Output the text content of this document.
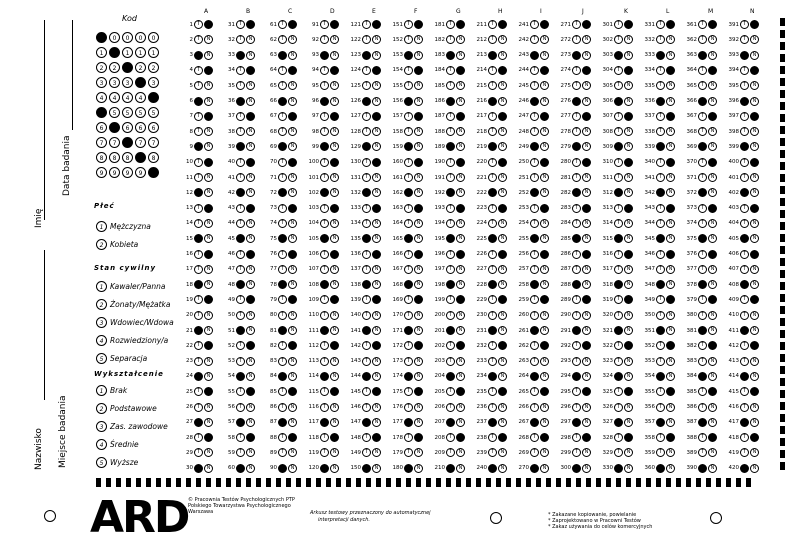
Nazwisko
Imię
Miejsce badania
Data badania
Kod
0	0	0	0	0
1	1	1	1	1
2	2	2	2	2
3	3	3	3	3
4	4	4	4	4
5	5	5	5	5
6	6	6	6	6
7	7	7	7	7
8	8	8	8	8
9	9	9	9	9
Płeć
1 Mężczyzna
2 Kobieta
Stan cywilny
1 Kawaler/Panna
2 Żonaty/Mężatka
3 Wdowiec/Wdowa
4 Rozwiedziony/a
5 Separacja
Wykształcenie
1 Brak
2 Podstawowe
3 Zas. zawodowe
4 Średnie
5 Wyższe
A
1 T	N
2 T	N
3 T	N
4 T	N
5 T	N
6 T	N
7 T	N
8 T	N
9 T	N
10 T	N
11 T	N
12 T	N
13 T	N
14 T	N
15 T	N
16 T	N
17 T	N
18 T	N
19 T	N
20 T	N
21 T	N
22 T	N
23 T	N
24 T	N
25 T	N
26 T	N
27 T	N
28 T	N
29 T	N
30 T	N
B
31 T	N
32 T	N
33 T	N
34 T	N
35 T	N
36 T	N
37 T	N
38 T	N
39 T	N
40 T	N
41 T	N
42 T	N
43 T	N
44 T	N
45 T	N
46 T	N
47 T	N
48 T	N
49 T	N
50 T	N
51 T	N
52 T	N
53 T	N
54 T	N
55 T	N
56 T	N
57 T	N
58 T	N
59 T	N
60 T	N
C
61 T	N
62 T	N
63 T	N
64 T	N
65 T	N
66 T	N
67 T	N
68 T	N
69 T	N
70 T	N
71 T	N
72 T	N
73 T	N
74 T	N
75 T	N
76 T	N
77 T	N
78 T	N
79 T	N
80 T	N
81 T	N
82 T	N
83 T	N
84 T	N
85 T	N
86 T	N
87 T	N
88 T	N
89 T	N
90 T	N
D
91 T	N
92 T	N
93 T	N
94 T	N
95 T	N
96 T	N
97 T	N
98 T	N
99 T	N
100 T	N
101 T	N
102 T	N
103 T	N
104 T	N
105 T	N
106 T	N
107 T	N
108 T	N
109 T	N
110 T	N
111 T	N
112 T	N
113 T	N
114 T	N
115 T	N
116 T	N
117 T	N
118 T	N
119 T	N
120 T	N
E
121 T	N
122 T	N
123 T	N
124 T	N
125 T	N
126 T	N
127 T	N
128 T	N
129 T	N
130 T	N
131 T	N
132 T	N
133 T	N
134 T	N
135 T	N
136 T	N
137 T	N
138 T	N
139 T	N
140 T	N
141 T	N
142 T	N
143 T	N
144 T	N
145 T	N
146 T	N
147 T	N
148 T	N
149 T	N
150 T	N
F
151 T	N
152 T	N
153 T	N
154 T	N
155 T	N
156 T	N
157 T	N
158 T	N
159 T	N
160 T	N
161 T	N
162 T	N
163 T	N
164 T	N
165 T	N
166 T	N
167 T	N
168 T	N
169 T	N
170 T	N
171 T	N
172 T	N
173 T	N
174 T	N
175 T	N
176 T	N
177 T	N
178 T	N
179 T	N
180 T	N
G
181 T	N
182 T	N
183 T	N
184 T	N
185 T	N
186 T	N
187 T	N
188 T	N
189 T	N
190 T	N
191 T	N
192 T	N
193 T	N
194 T	N
195 T	N
196 T	N
197 T	N
198 T	N
199 T	N
200 T	N
201 T	N
202 T	N
203 T	N
204 T	N
205 T	N
206 T	N
207 T	N
208 T	N
209 T	N
210 T	N
H
211 T	N
212 T	N
213 T	N
214 T	N
215 T	N
216 T	N
217 T	N
218 T	N
219 T	N
220 T	N
221 T	N
222 T	N
223 T	N
224 T	N
225 T	N
226 T	N
227 T	N
228 T	N
229 T	N
230 T	N
231 T	N
232 T	N
233 T	N
234 T	N
235 T	N
236 T	N
237 T	N
238 T	N
239 T	N
240 T	N
I
241 T	N
242 T	N
243 T	N
244 T	N
245 T	N
246 T	N
247 T	N
248 T	N
249 T	N
250 T	N
251 T	N
252 T	N
253 T	N
254 T	N
255 T	N
256 T	N
257 T	N
258 T	N
259 T	N
260 T	N
261 T	N
262 T	N
263 T	N
264 T	N
265 T	N
266 T	N
267 T	N
268 T	N
269 T	N
270 T	N
J
271 T	N
272 T	N
273 T	N
274 T	N
275 T	N
276 T	N
277 T	N
278 T	N
279 T	N
280 T	N
281 T	N
282 T	N
283 T	N
284 T	N
285 T	N
286 T	N
287 T	N
288 T	N
289 T	N
290 T	N
291 T	N
292 T	N
293 T	N
294 T	N
295 T	N
296 T	N
297 T	N
298 T	N
299 T	N
300 T	N
K
301 T	N
302 T	N
303 T	N
304 T	N
305 T	N
306 T	N
307 T	N
308 T	N
309 T	N
310 T	N
311 T	N
312 T	N
313 T	N
314 T	N
315 T	N
316 T	N
317 T	N
318 T	N
319 T	N
320 T	N
321 T	N
322 T	N
323 T	N
324 T	N
325 T	N
326 T	N
327 T	N
328 T	N
329 T	N
330 T	N
L
331 T	N
332 T	N
333 T	N
334 T	N
335 T	N
336 T	N
337 T	N
338 T	N
339 T	N
340 T	N
341 T	N
342 T	N
343 T	N
344 T	N
345 T	N
346 T	N
347 T	N
348 T	N
349 T	N
350 T	N
351 T	N
352 T	N
353 T	N
354 T	N
355 T	N
356 T	N
357 T	N
358 T	N
359 T	N
360 T	N
M
361 T	N
362 T	N
363 T	N
364 T	N
365 T	N
366 T	N
367 T	N
368 T	N
369 T	N
370 T	N
371 T	N
372 T	N
373 T	N
374 T	N
375 T	N
376 T	N
377 T	N
378 T	N
379 T	N
380 T	N
381 T	N
382 T	N
383 T	N
384 T	N
385 T	N
386 T	N
387 T	N
388 T	N
389 T	N
390 T	N
N
391 T	N
392 T	N
393 T	N
394 T	N
395 T	N
396 T	N
397 T	N
398 T	N
399 T	N
400 T	N
401 T	N
402 T	N
403 T	N
404 T	N
405 T	N
406 T	N
407 T	N
408 T	N
409 T	N
410 T	N
411 T	N
412 T	N
413 T	N
414 T	N
415 T	N
416 T	N
417 T	N
418 T	N
419 T	N
420 T	N
ARD © Pracownia Testów Psychologicznych PTP
Polskiego Towarzystwa Psychologicznego
Warszawa	Arkusz testowy przeznaczony do automatycznej
interpretacji danych.
* Zakazane kopiowanie, powielanie
* Zaprojektowano w Pracowni Testów
* Zakaz używania do celów komercyjnych
